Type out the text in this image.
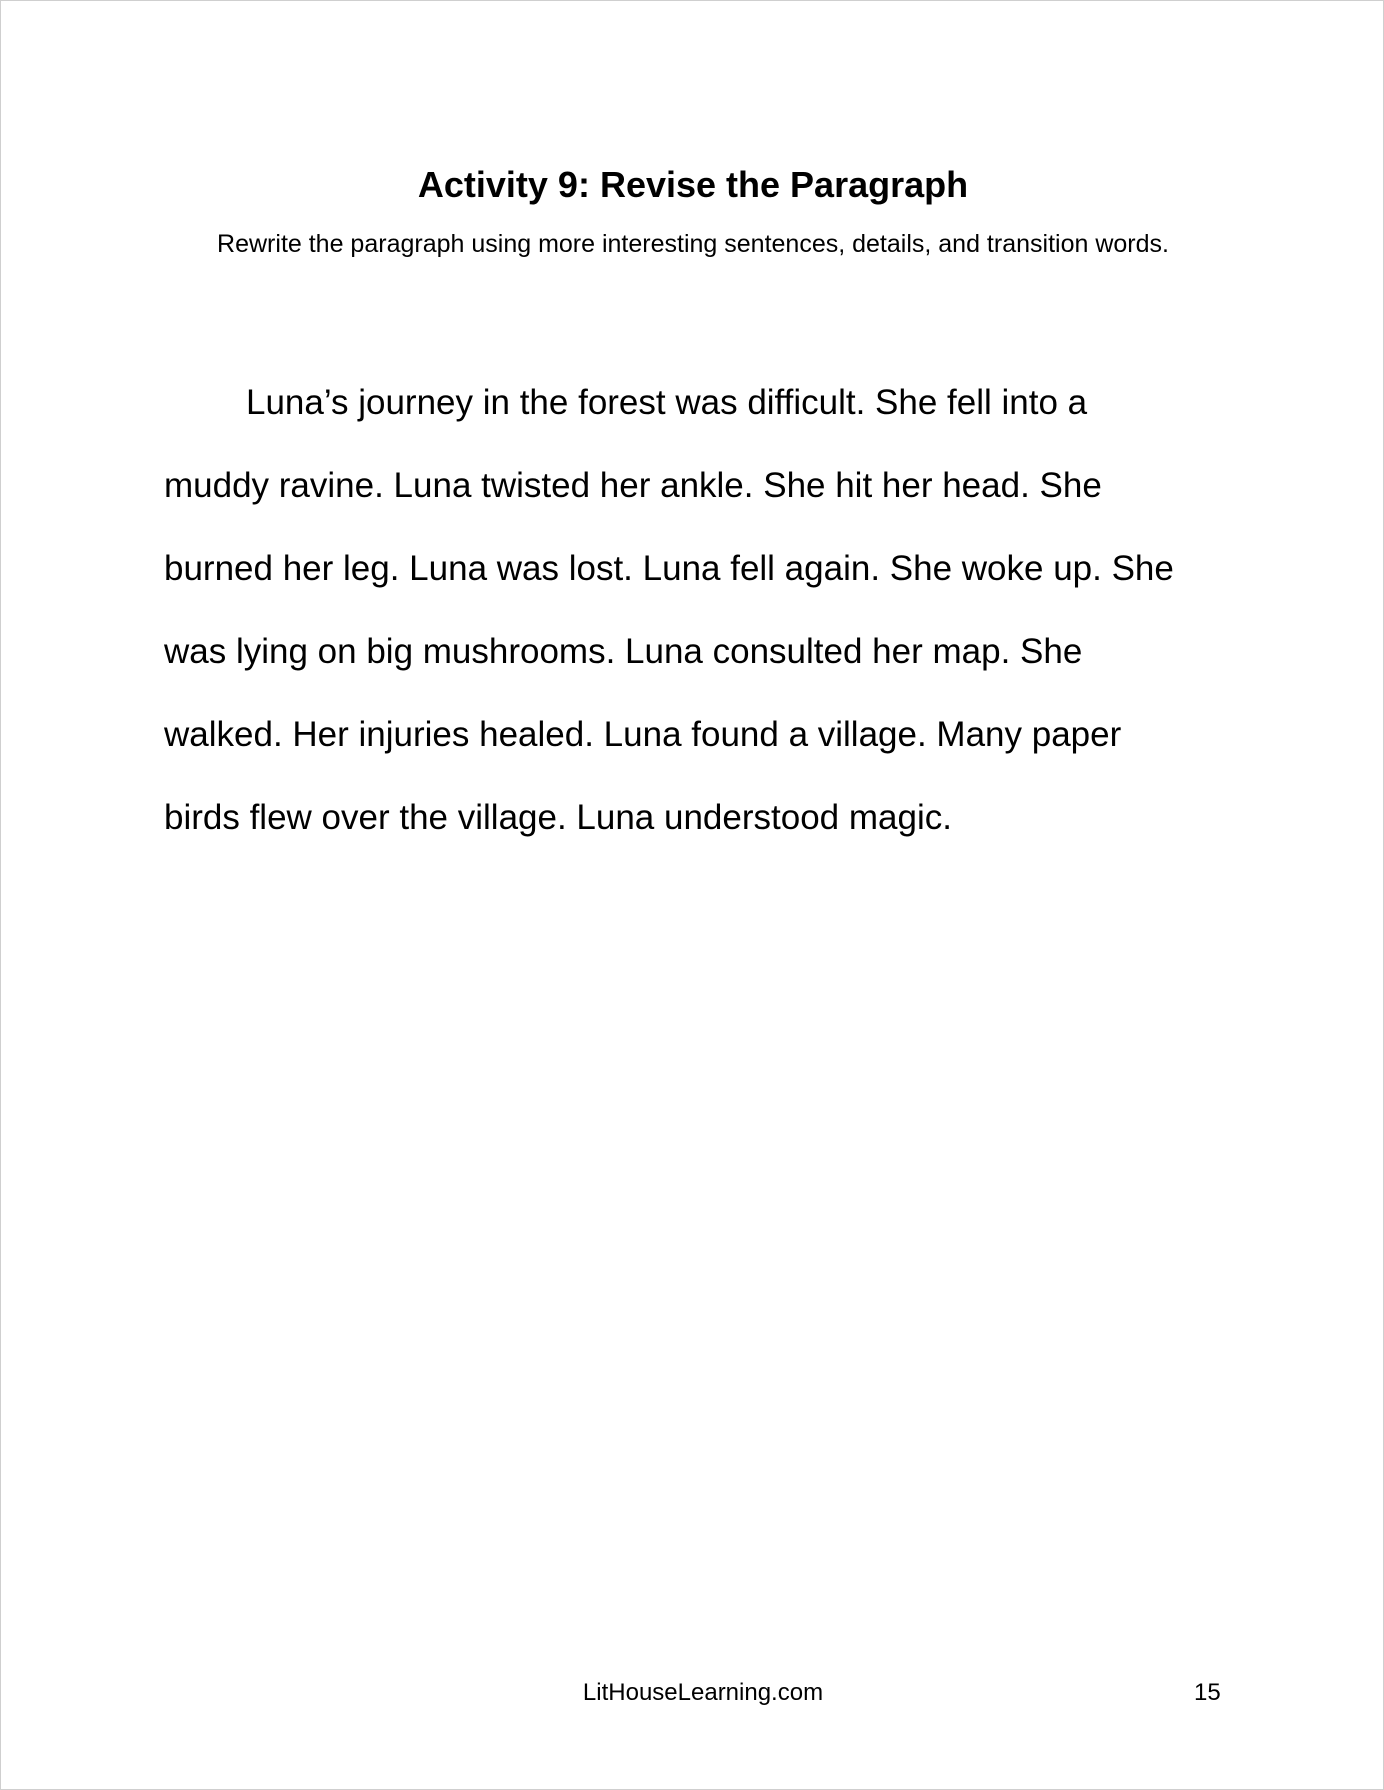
Activity 9: Revise the Paragraph
Rewrite the paragraph using more interesting sentences, details, and transition words.
Luna’s journey in the forest was difficult. She fell into a
muddy ravine. Luna twisted her ankle. She hit her head. She
burned her leg. Luna was lost. Luna fell again. She woke up. She
was lying on big mushrooms. Luna consulted her map. She
walked. Her injuries healed. Luna found a village. Many paper
birds flew over the village. Luna understood magic.
LitHouseLearning.com	15
